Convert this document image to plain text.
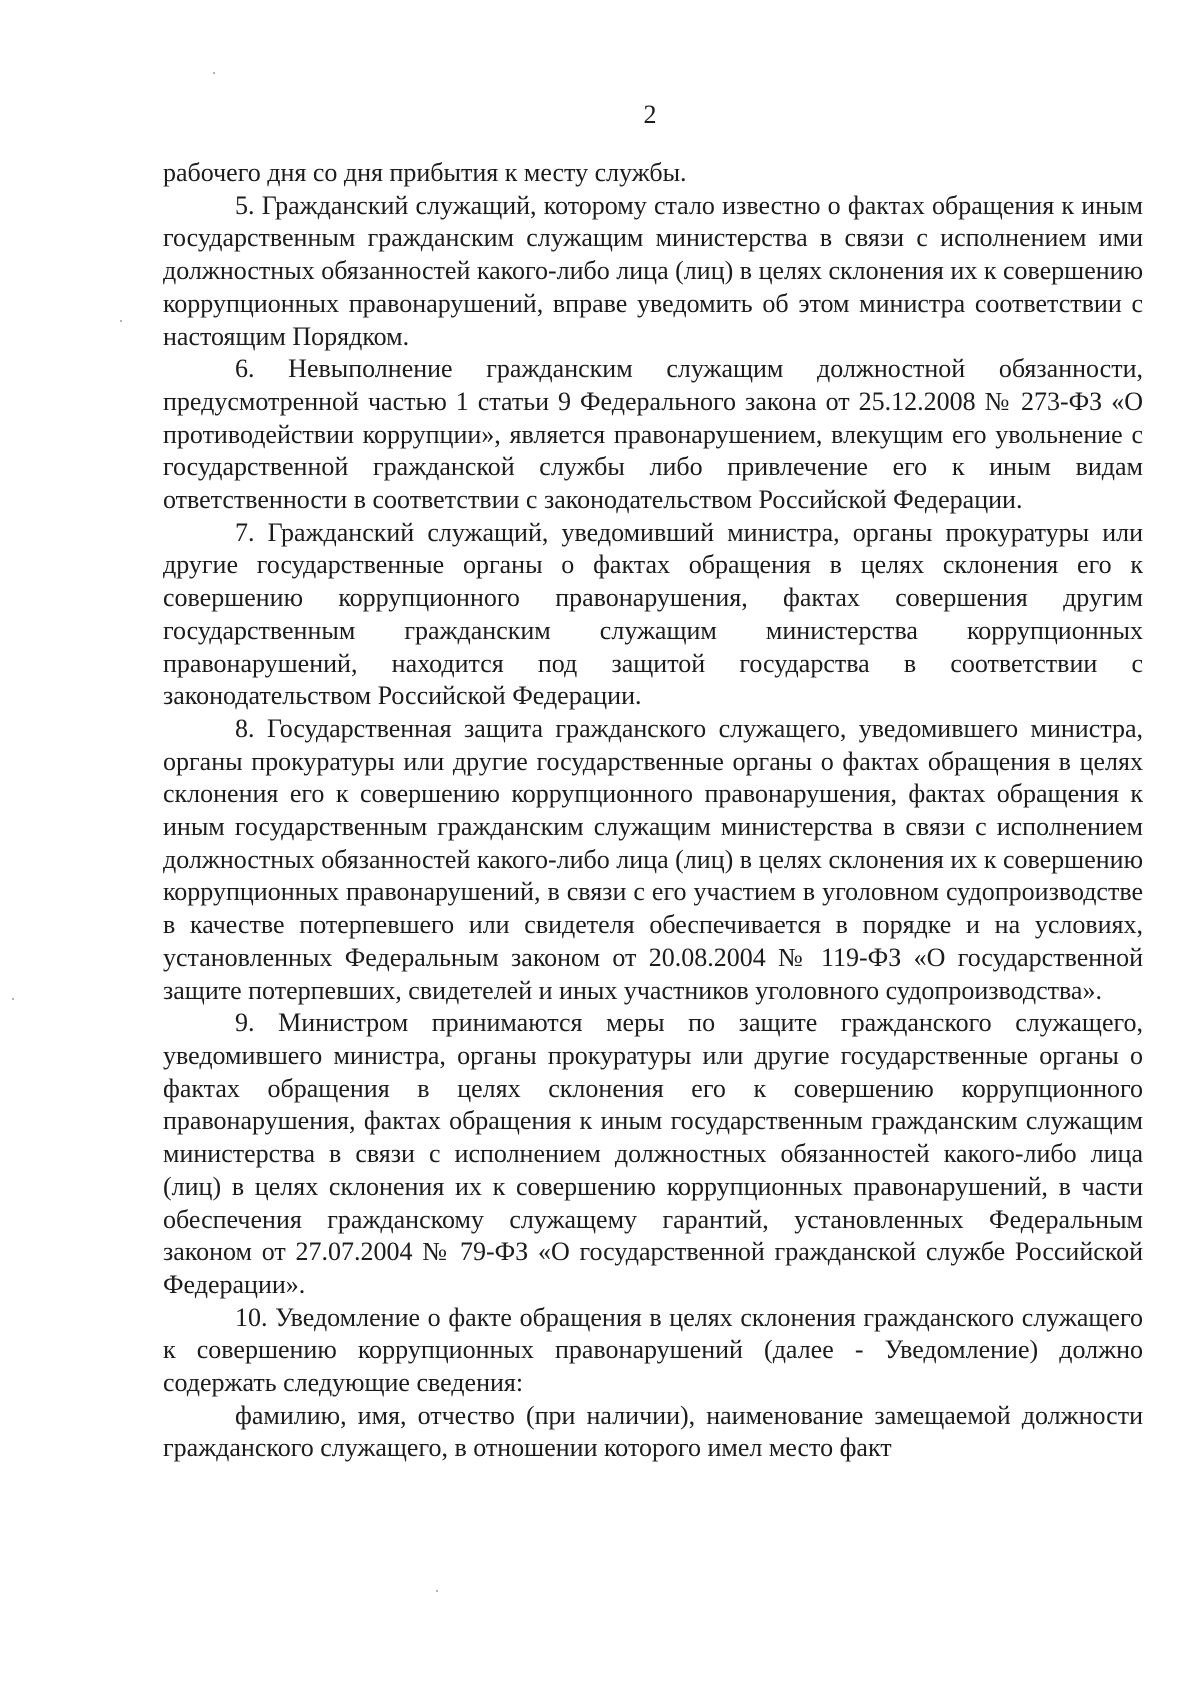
2

рабочего дня со дня прибытия к месту службы.

5. Гражданский служащий, которому стало известно о фактах обращения к иным государственным гражданским служащим министерства в связи с исполнением ими должностных обязанностей какого-либо лица (лиц) в целях склонения их к совершению коррупционных правонарушений, вправе уведомить об этом министра соответствии с настоящим Порядком.

6. Невыполнение гражданским служащим должностной обязанности, предусмотренной частью 1 статьи 9 Федерального закона от 25.12.2008 № 273-ФЗ «О противодействии коррупции», является правонарушением, влекущим его увольнение с государственной гражданской службы либо привлечение его к иным видам ответственности в соответствии с законодательством Российской Федерации.

7. Гражданский служащий, уведомивший министра, органы прокуратуры или другие государственные органы о фактах обращения в целях склонения его к совершению коррупционного правонарушения, фактах совершения другим государственным гражданским служащим министерства коррупционных правонарушений, находится под защитой государства в соответствии с законодательством Российской Федерации.

8. Государственная защита гражданского служащего, уведомившего министра, органы прокуратуры или другие государственные органы о фактах обращения в целях склонения его к совершению коррупционного правонарушения, фактах обращения к иным государственным гражданским служащим министерства в связи с исполнением должностных обязанностей какого-либо лица (лиц) в целях склонения их к совершению коррупционных правонарушений, в связи с его участием в уголовном судопроизводстве в качестве потерпевшего или свидетеля обеспечивается в порядке и на условиях, установленных Федеральным законом от 20.08.2004 № 119-ФЗ «О государственной защите потерпевших, свидетелей и иных участников уголовного судопроизводства».

9. Министром принимаются меры по защите гражданского служащего, уведомившего министра, органы прокуратуры или другие государственные органы о фактах обращения в целях склонения его к совершению коррупционного правонарушения, фактах обращения к иным государственным гражданским служащим министерства в связи с исполнением должностных обязанностей какого-либо лица (лиц) в целях склонения их к совершению коррупционных правонарушений, в части обеспечения гражданскому служащему гарантий, установленных Федеральным законом от 27.07.2004 № 79-ФЗ «О государственной гражданской службе Российской Федерации».

10. Уведомление о факте обращения в целях склонения гражданского служащего к совершению коррупционных правонарушений (далее - Уведомление) должно содержать следующие сведения:

фамилию, имя, отчество (при наличии), наименование замещаемой должности гражданского служащего, в отношении которого имел место факт
